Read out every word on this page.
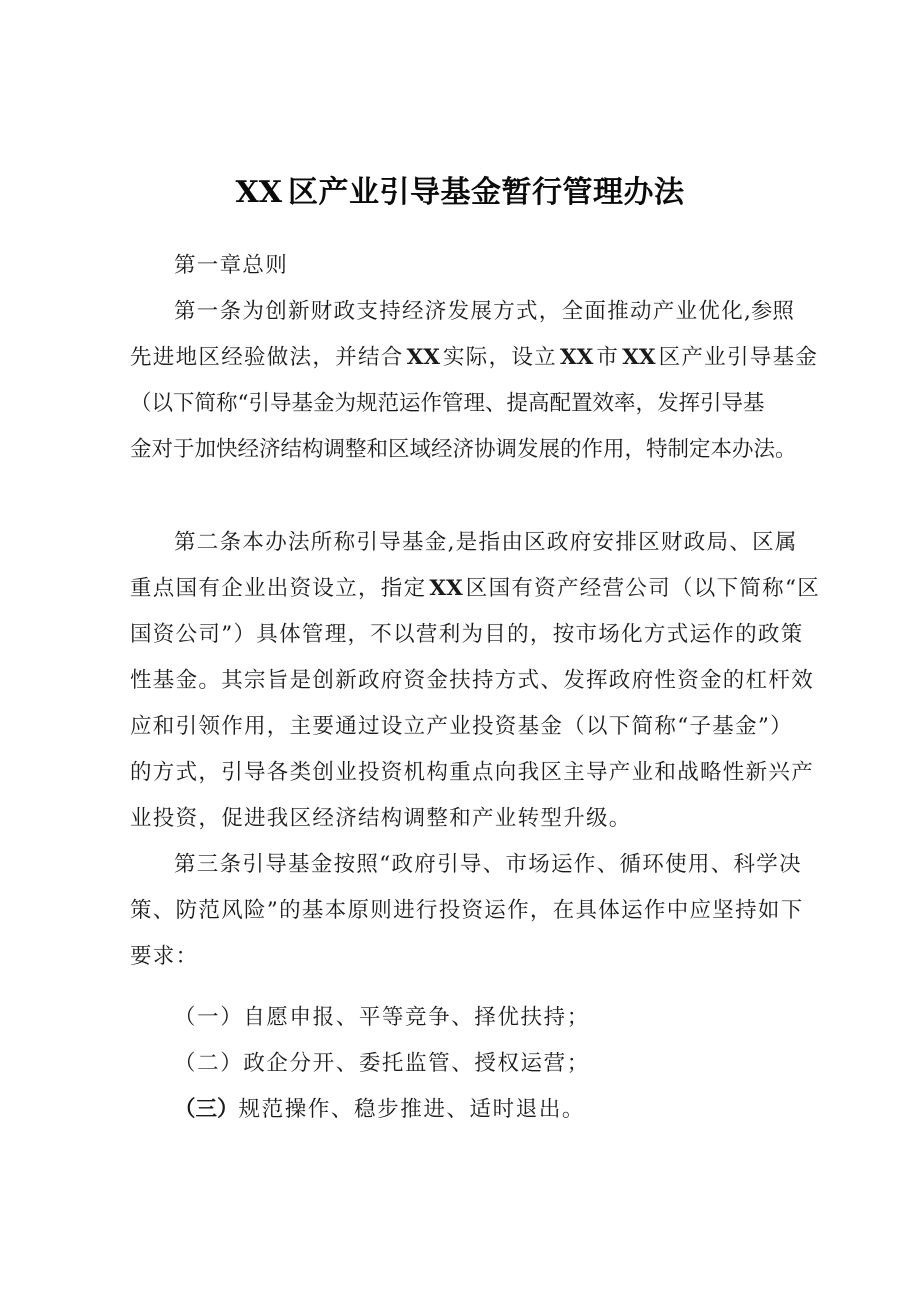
XX 区产业引导基金暂行管理办法
第一章总则
第一条为创新财政支持经济发展方式，全面推动产业优化,参照
先进地区经验做法，并结合 XX 实际，设立 XX 市 XX 区产业引导基金
（以下简称“引导基金为规范运作管理、提高配置效率，发挥引导基
金对于加快经济结构调整和区域经济协调发展的作用，特制定本办法。
第二条本办法所称引导基金,是指由区政府安排区财政局、区属
重点国有企业出资设立，指定 XX 区国有资产经营公司（以下简称“区
国资公司”）具体管理，不以营利为目的，按市场化方式运作的政策
性基金。其宗旨是创新政府资金扶持方式、发挥政府性资金的杠杆效
应和引领作用，主要通过设立产业投资基金（以下简称“子基金”）
的方式，引导各类创业投资机构重点向我区主导产业和战略性新兴产
业投资，促进我区经济结构调整和产业转型升级。
第三条引导基金按照“政府引导、市场运作、循环使用、科学决
策、防范风险”的基本原则进行投资运作，在具体运作中应坚持如下
要求：
（一）自愿申报、平等竞争、择优扶持；
（二）政企分开、委托监管、授权运营；
（三）规范操作、稳步推进、适时退出。
